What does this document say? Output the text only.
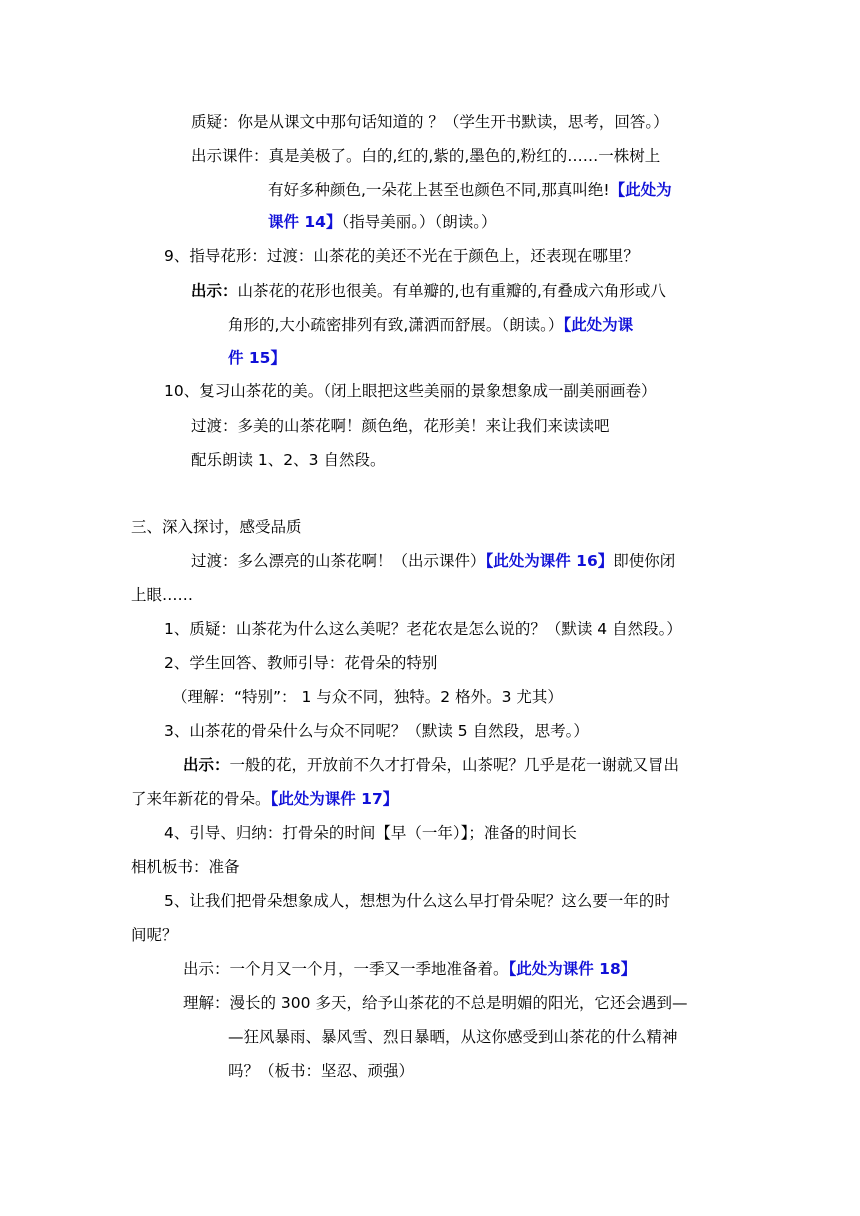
质疑：你是从课文中那句话知道的 ？（学生开书默读，思考，回答。）
出示课件：真是美极了。白的,红的,紫的,墨色的,粉红的……一株树上
有好多种颜色,一朵花上甚至也颜色不同,那真叫绝!【此处为
课件 14】（指导美丽。）（朗读。）
9、指导花形：过渡：山茶花的美还不光在于颜色上，还表现在哪里？
出示：山茶花的花形也很美。有单瓣的,也有重瓣的,有叠成六角形或八
角形的,大小疏密排列有致,潇洒而舒展。（朗读。）【此处为课
件 15】
10、复习山茶花的美。（闭上眼把这些美丽的景象想象成一副美丽画卷）
过渡：多美的山茶花啊！颜色绝，花形美！来让我们来读读吧
配乐朗读 1、2、3 自然段。
三、深入探讨，感受品质
过渡：多么漂亮的山茶花啊！（出示课件）【此处为课件 16】即使你闭
上眼……
1、质疑：山茶花为什么这么美呢？老花农是怎么说的？（默读 4 自然段。）
2、学生回答、教师引导：花骨朵的特别
（理解：“特别”： 1 与众不同，独特。2 格外。3 尤其）
3、山茶花的骨朵什么与众不同呢？（默读 5 自然段，思考。）
出示：一般的花，开放前不久才打骨朵，山茶呢？几乎是花一谢就又冒出
了来年新花的骨朵。【此处为课件 17】
4、引导、归纳：打骨朵的时间【早（一年）】；准备的时间长
相机板书：准备
5、让我们把骨朵想象成人，想想为什么这么早打骨朵呢？这么要一年的时
间呢？
出示：一个月又一个月，一季又一季地准备着。【此处为课件 18】
理解：漫长的 300 多天，给予山茶花的不总是明媚的阳光，它还会遇到—
—狂风暴雨、暴风雪、烈日暴晒，从这你感受到山茶花的什么精神
吗？（板书：坚忍、顽强）
